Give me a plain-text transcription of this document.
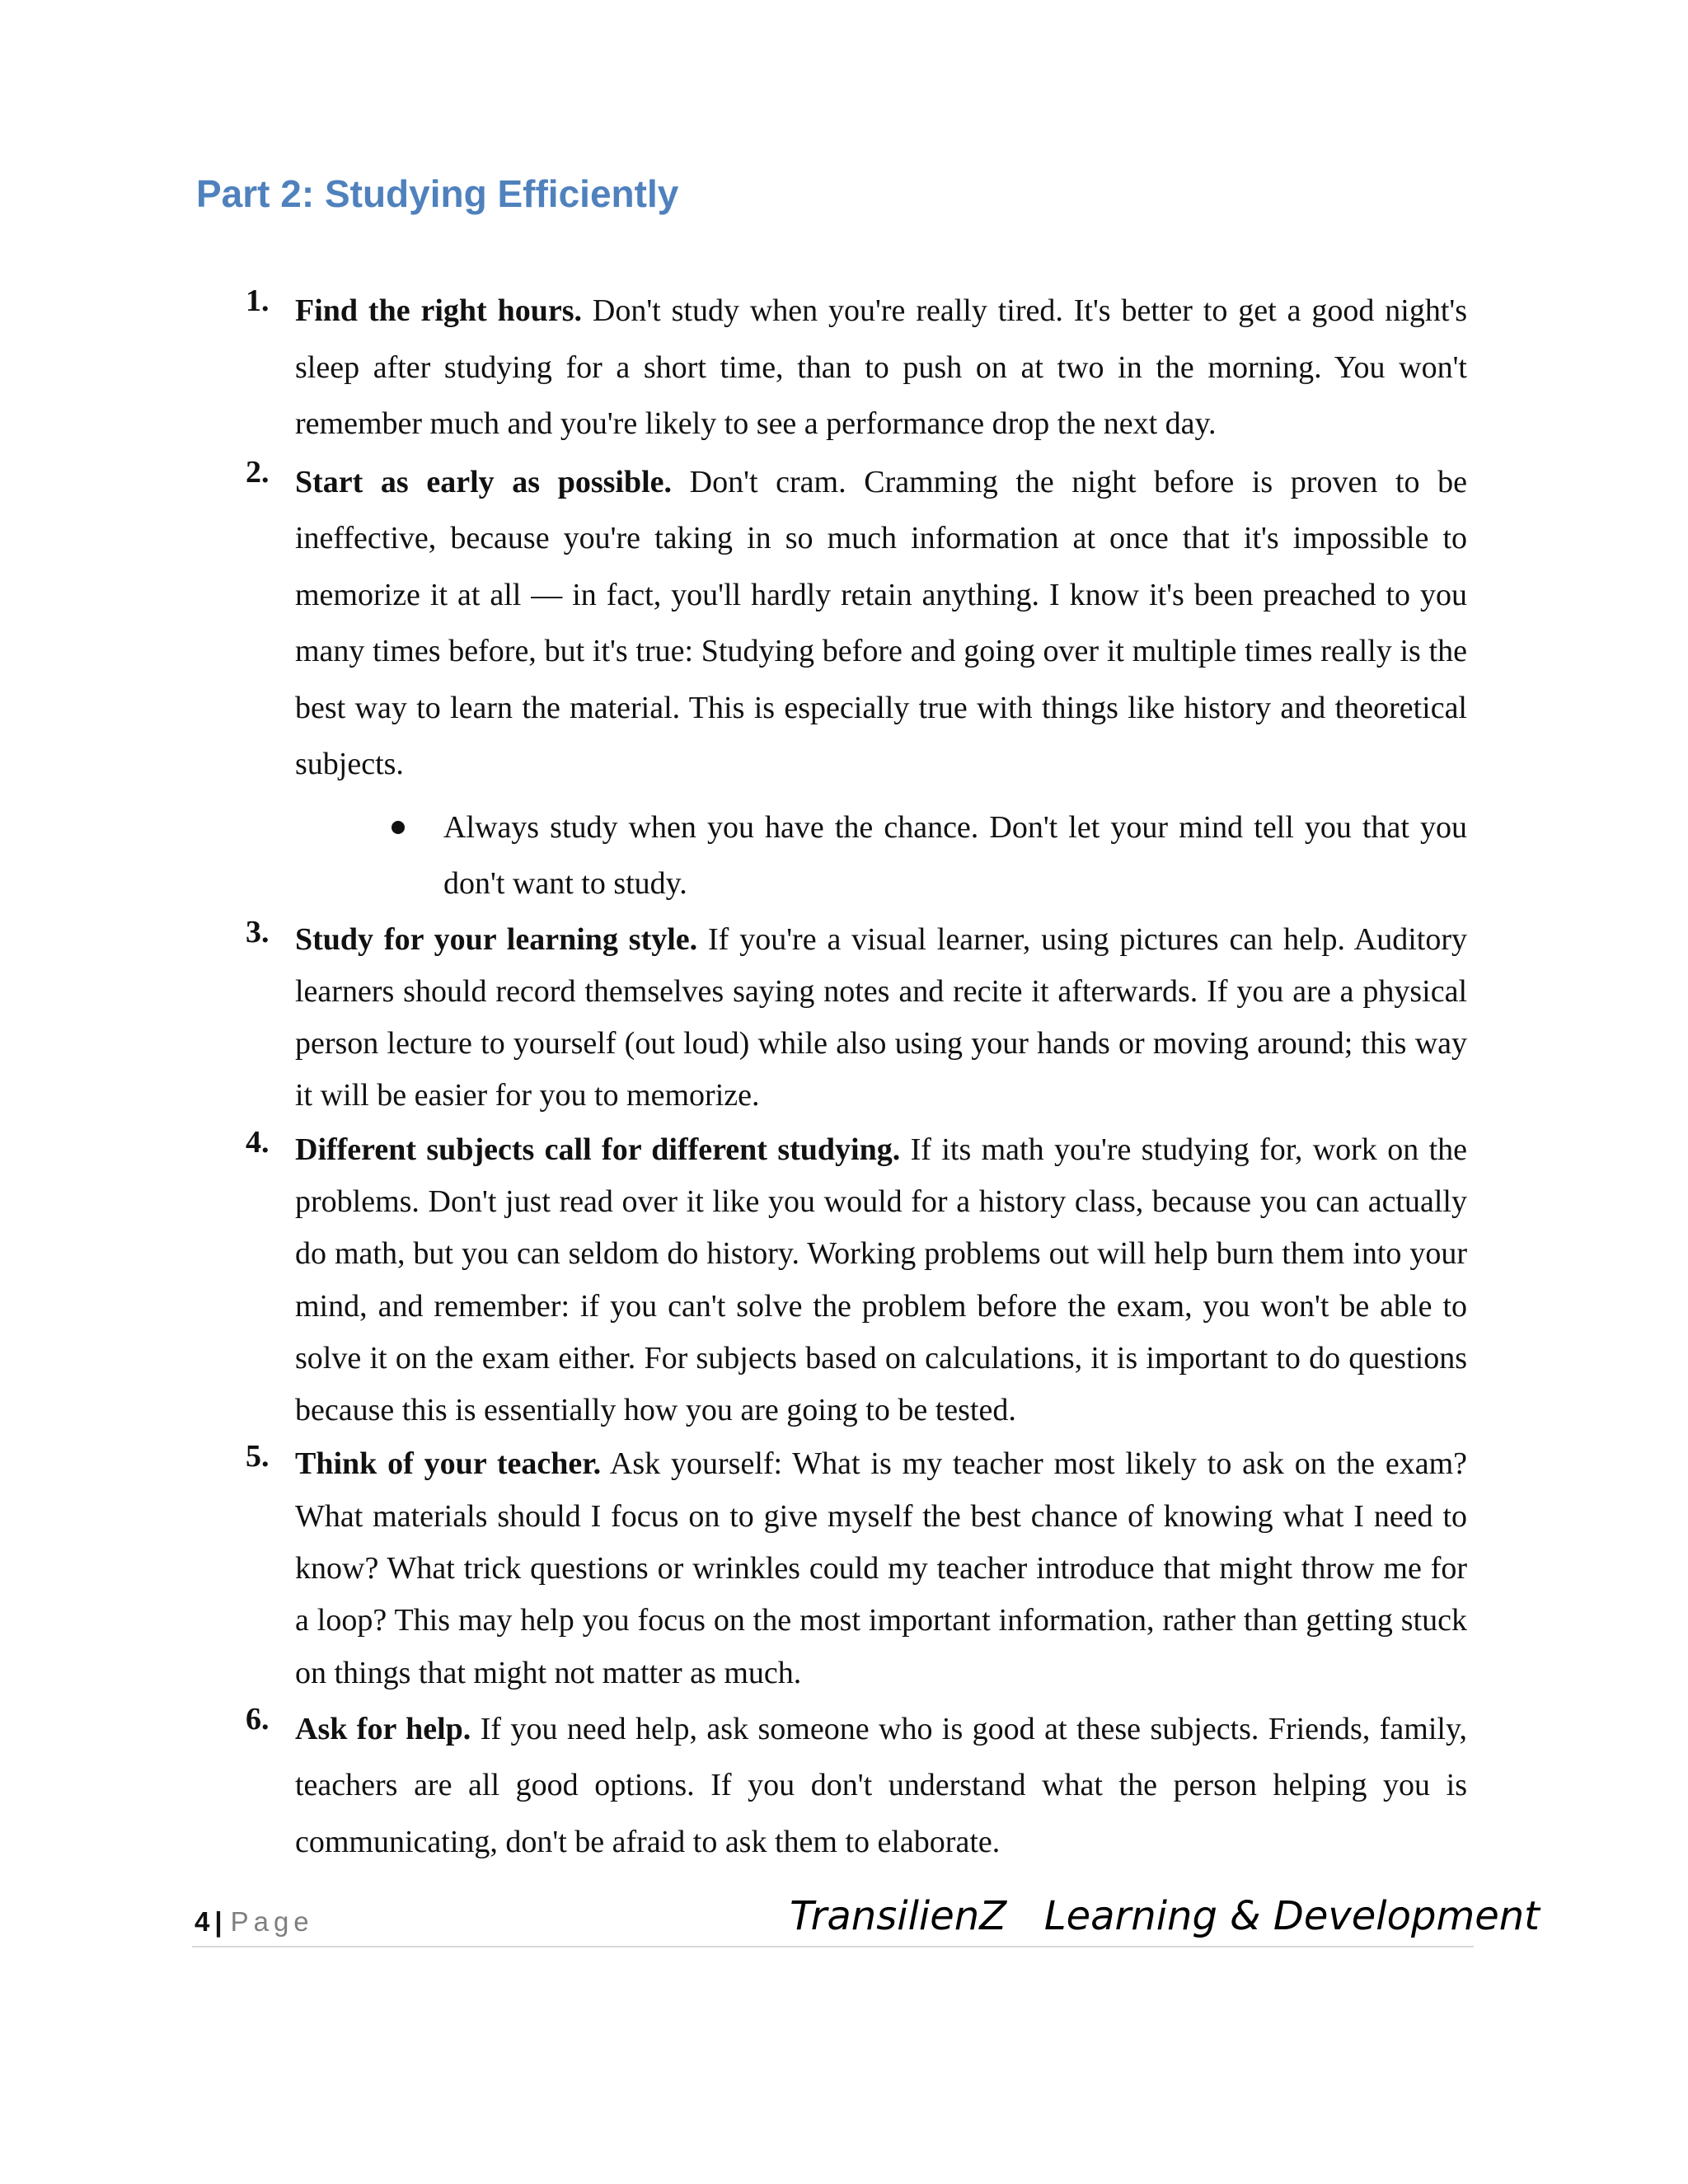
Part 2: Studying Efficiently
1. Find the right hours. Don't study when you're really tired. It's better to get a good night's sleep after studying for a short time, than to push on at two in the morning. You won't remember much and you're likely to see a performance drop the next day.
2. Start as early as possible. Don't cram. Cramming the night before is proven to be ineffective, because you're taking in so much information at once that it's impossible to memorize it at all — in fact, you'll hardly retain anything. I know it's been preached to you many times before, but it's true: Studying before and going over it multiple times really is the best way to learn the material. This is especially true with things like history and theoretical subjects.
Always study when you have the chance. Don't let your mind tell you that you don't want to study.
3. Study for your learning style. If you're a visual learner, using pictures can help. Auditory learners should record themselves saying notes and recite it afterwards. If you are a physical person lecture to yourself (out loud) while also using your hands or moving around; this way it will be easier for you to memorize.
4. Different subjects call for different studying. If its math you're studying for, work on the problems. Don't just read over it like you would for a history class, because you can actually do math, but you can seldom do history. Working problems out will help burn them into your mind, and remember: if you can't solve the problem before the exam, you won't be able to solve it on the exam either. For subjects based on calculations, it is important to do questions because this is essentially how you are going to be tested.
5. Think of your teacher. Ask yourself: What is my teacher most likely to ask on the exam? What materials should I focus on to give myself the best chance of knowing what I need to know? What trick questions or wrinkles could my teacher introduce that might throw me for a loop? This may help you focus on the most important information, rather than getting stuck on things that might not matter as much.
6. Ask for help. If you need help, ask someone who is good at these subjects. Friends, family, teachers are all good options. If you don't understand what the person helping you is communicating, don't be afraid to ask them to elaborate.
4 | Page	TransilienZ   Learning & Development
